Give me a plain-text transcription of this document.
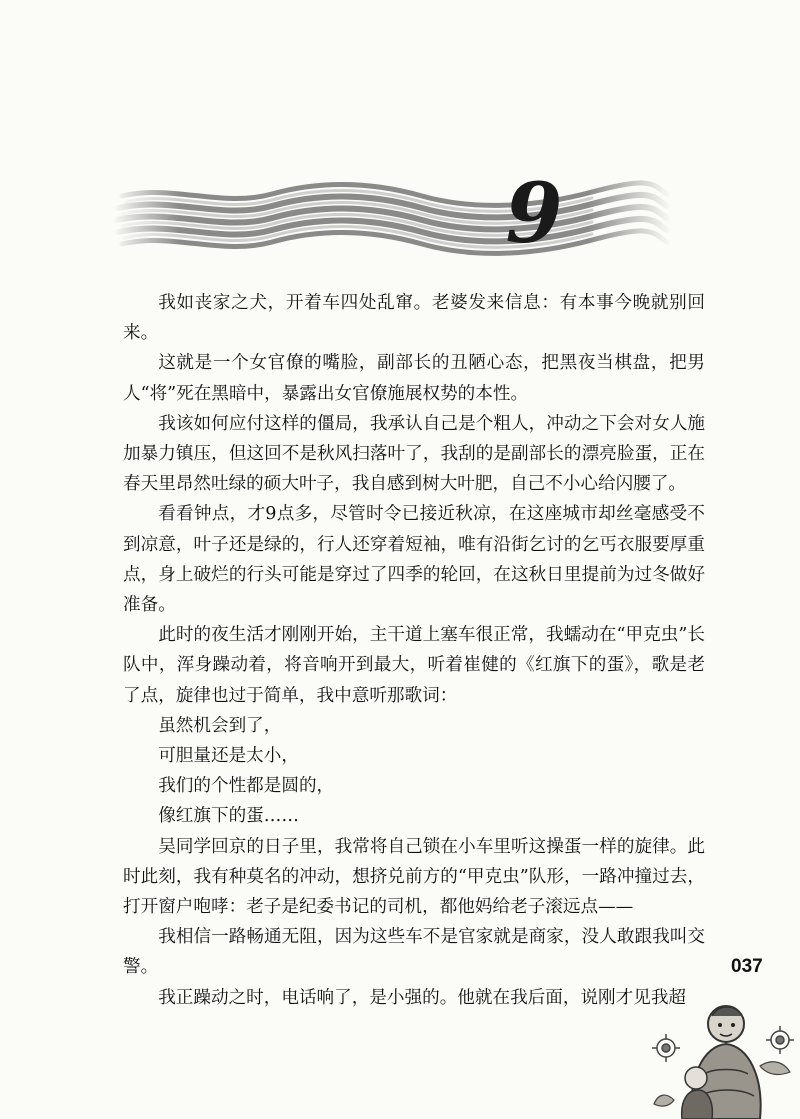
9

我如丧家之犬，开着车四处乱窜。老婆发来信息：有本事今晚就别回来。

这就是一个女官僚的嘴脸，副部长的丑陋心态，把黑夜当棋盘，把男人“将”死在黑暗中，暴露出女官僚施展权势的本性。

我该如何应付这样的僵局，我承认自己是个粗人，冲动之下会对女人施加暴力镇压，但这回不是秋风扫落叶了，我刮的是副部长的漂亮脸蛋，正在春天里昂然吐绿的硕大叶子，我自感到树大叶肥，自己不小心给闪腰了。

看看钟点，才9点多，尽管时令已接近秋凉，在这座城市却丝毫感受不到凉意，叶子还是绿的，行人还穿着短袖，唯有沿街乞讨的乞丐衣服要厚重点，身上破烂的行头可能是穿过了四季的轮回，在这秋日里提前为过冬做好准备。

此时的夜生活才刚刚开始，主干道上塞车很正常，我蠕动在“甲克虫”长队中，浑身躁动着，将音响开到最大，听着崔健的《红旗下的蛋》，歌是老了点，旋律也过于简单，我中意听那歌词：

虽然机会到了，

可胆量还是太小，

我们的个性都是圆的，

像红旗下的蛋……

吴同学回京的日子里，我常将自己锁在小车里听这操蛋一样的旋律。此时此刻，我有种莫名的冲动，想挤兑前方的“甲克虫”队形，一路冲撞过去，打开窗户咆哮：老子是纪委书记的司机，都他妈给老子滚远点——

我相信一路畅通无阻，因为这些车不是官家就是商家，没人敢跟我叫交警。

我正躁动之时，电话响了，是小强的。他就在我后面，说刚才见我超

037
